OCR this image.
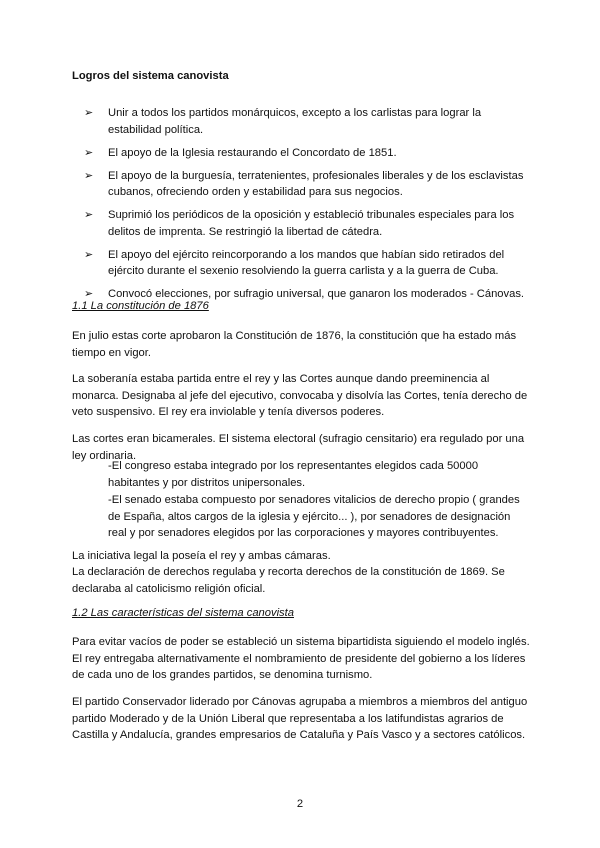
Logros del sistema canovista

➢ Unir a todos los partidos monárquicos, excepto a los carlistas para lograr la estabilidad política.
➢ El apoyo de la Iglesia restaurando el Concordato de 1851.
➢ El apoyo de la burguesía, terratenientes, profesionales liberales y de los esclavistas cubanos, ofreciendo orden y estabilidad para sus negocios.
➢ Suprimió los periódicos de la oposición y estableció tribunales especiales para los delitos de imprenta. Se restringió la libertad de cátedra.
➢ El apoyo del ejército reincorporando a los mandos que habían sido retirados del ejército durante el sexenio resolviendo la guerra carlista y a la guerra de Cuba.
➢ Convocó elecciones, por sufragio universal, que ganaron los moderados - Cánovas.

1.1 La constitución de 1876

En julio estas corte aprobaron la Constitución de 1876, la constitución que ha estado más tiempo en vigor.

La soberanía estaba partida entre el rey y las Cortes aunque dando preeminencia al monarca. Designaba al jefe del ejecutivo, convocaba y disolvía las Cortes, tenía derecho de veto suspensivo. El rey era inviolable y tenía diversos poderes.

Las cortes eran bicamerales. El sistema electoral (sufragio censitario) era regulado por una ley ordinaria.

-El congreso estaba integrado por los representantes elegidos cada 50000 habitantes y por distritos unipersonales.

-El senado estaba compuesto por senadores vitalicios de derecho propio ( grandes de España, altos cargos de la iglesia y ejército... ), por senadores de designación real y por senadores elegidos por las corporaciones y mayores contribuyentes.

La iniciativa legal la poseía el rey y ambas cámaras.

La declaración de derechos regulaba y recorta derechos de la constitución de 1869. Se declaraba al catolicismo religión oficial.

1.2 Las características del sistema canovista

Para evitar vacíos de poder se estableció un sistema bipartidista siguiendo el modelo inglés. El rey entregaba alternativamente el nombramiento de presidente del gobierno a los líderes de cada uno de los grandes partidos, se denomina turnismo.

El partido Conservador liderado por Cánovas agrupaba a miembros a miembros del antiguo partido Moderado y de la Unión Liberal que representaba a los latifundistas agrarios de Castilla y Andalucía, grandes empresarios de Cataluña y País Vasco y a sectores católicos.

2
